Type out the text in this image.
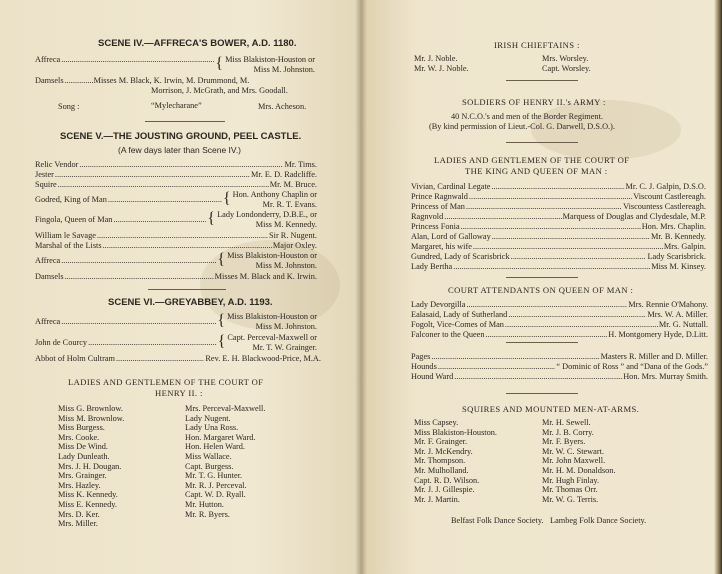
SCENE IV.—AFFRECA'S BOWER, A.D. 1180.
Affreca .....	{ Miss Blakiston-Houston or
Miss M. Johnston.
Damsels .....	Misses M. Black, K. Irwin, M. Drummond, M.
Morrison, J. McGrath, and Mrs. Goodall.
Song :	“Mylecharane”	Mrs. Acheson.
SCENE V.—THE JOUSTING GROUND, PEEL CASTLE.
(A few days later than Scene IV.)
Relic Vendor .....	Mr. Tims.
Jester .....	Mr. E. D. Radcliffe.
Squire .....	Mr. M. Bruce.
Godred, King of Man .....	{ Hon. Anthony Chaplin or
Mr. R. T. Evans.
Fingola, Queen of Man .....	{ Lady Londonderry, D.B.E., or
Miss M. Kennedy.
William le Savage .....	Sir R. Nugent.
Marshal of the Lists .....	Major Oxley.
Affreca .....	{ Miss Blakiston-Houston or
Miss M. Johnston.
Damsels .....	Misses M. Black and K. Irwin.
SCENE VI.—GREYABBEY, A.D. 1193.
Affreca .....	{ Miss Blakiston-Houston or
Miss M. Johnston.
John de Courcy .....	{ Capt. Perceval-Maxwell or
Mr. T. W. Grainger.
Abbot of Holm Cultram .....	Rev. E. H. Blackwood-Price, M.A.
LADIES AND GENTLEMEN OF THE COURT OF
HENRY II. :
Miss G. Brownlow.
Miss M. Brownlow.
Miss Burgess.
Mrs. Cooke.
Miss De Wind.
Lady Dunleath.
Mrs. J. H. Dougan.
Mrs. Grainger.
Mrs. Hazley.
Miss K. Kennedy.
Miss E. Kennedy.
Mrs. D. Ker.
Mrs. Miller.
Mrs. Perceval-Maxwell.
Lady Nugent.
Lady Una Ross.
Hon. Margaret Ward.
Hon. Helen Ward.
Miss Wallace.
Capt. Burgess.
Mr. T. G. Hunter.
Mr. R. J. Perceval.
Capt. W. D. Ryall.
Mr. Hutton.
Mr. R. Byers.
IRISH CHIEFTAINS :
Mr. J. Noble.
Mr. W. J. Noble.
Mrs. Worsley.
Capt. Worsley.
SOLDIERS OF HENRY II.'s ARMY :
40 N.C.O.'s and men of the Border Regiment.
(By kind permission of Lieut.-Col. G. Darwell, D.S.O.).
LADIES AND GENTLEMEN OF THE COURT OF
THE KING AND QUEEN OF MAN :
Vivian, Cardinal Legate .....	Mr. C. J. Galpin, D.S.O.
Prince Ragnwald .....	Viscount Castlereagh.
Princess of Man .....	Viscountess Castlereagh.
Ragnvold .....	Marquess of Douglas and Clydesdale, M.P.
Princess Fonia .....	Hon. Mrs. Chaplin.
Alan, Lord of Galloway .....	Mr. B. Kennedy.
Margaret, his wife .....	Mrs. Galpin.
Gundred, Lady of Scarisbrick .....	Lady Scarisbrick.
Lady Bertha .....	Miss M. Kinsey.
COURT ATTENDANTS ON QUEEN OF MAN :
Lady Devorgilla .....	Mrs. Rennie O'Mahony.
Ealasaid, Lady of Sutherland .....	Mrs. W. A. Miller.
Fogolt, Vice-Comes of Man .....	Mr. G. Nuttall.
Falconer to the Queen .....	H. Montgomery Hyde, D.Litt.
Pages .....	Masters R. Miller and D. Miller.
Hounds .....	“ Dominic of Ross ” and “Dana of the Gods.”
Hound Ward .....	Hon. Mrs. Murray Smith.
SQUIRES AND MOUNTED MEN-AT-ARMS.
Miss Capsey.
Miss Blakiston-Houston.
Mr. F. Grainger.
Mr. J. McKendry.
Mr. Thompson.
Mr. Mulholland.
Capt. R. D. Wilson.
Mr. J. J. Gillespie.
Mr. J. Martin.
Mr. H. Sewell.
Mr. J. B. Corry.
Mr. F. Byers.
Mr. W. C. Stewart.
Mr. John Maxwell.
Mr. H. M. Donaldson.
Mr. Hugh Finlay.
Mr. Thomas Orr.
Mr. W. G. Terris.
Belfast Folk Dance Society. Lambeg Folk Dance Society.
